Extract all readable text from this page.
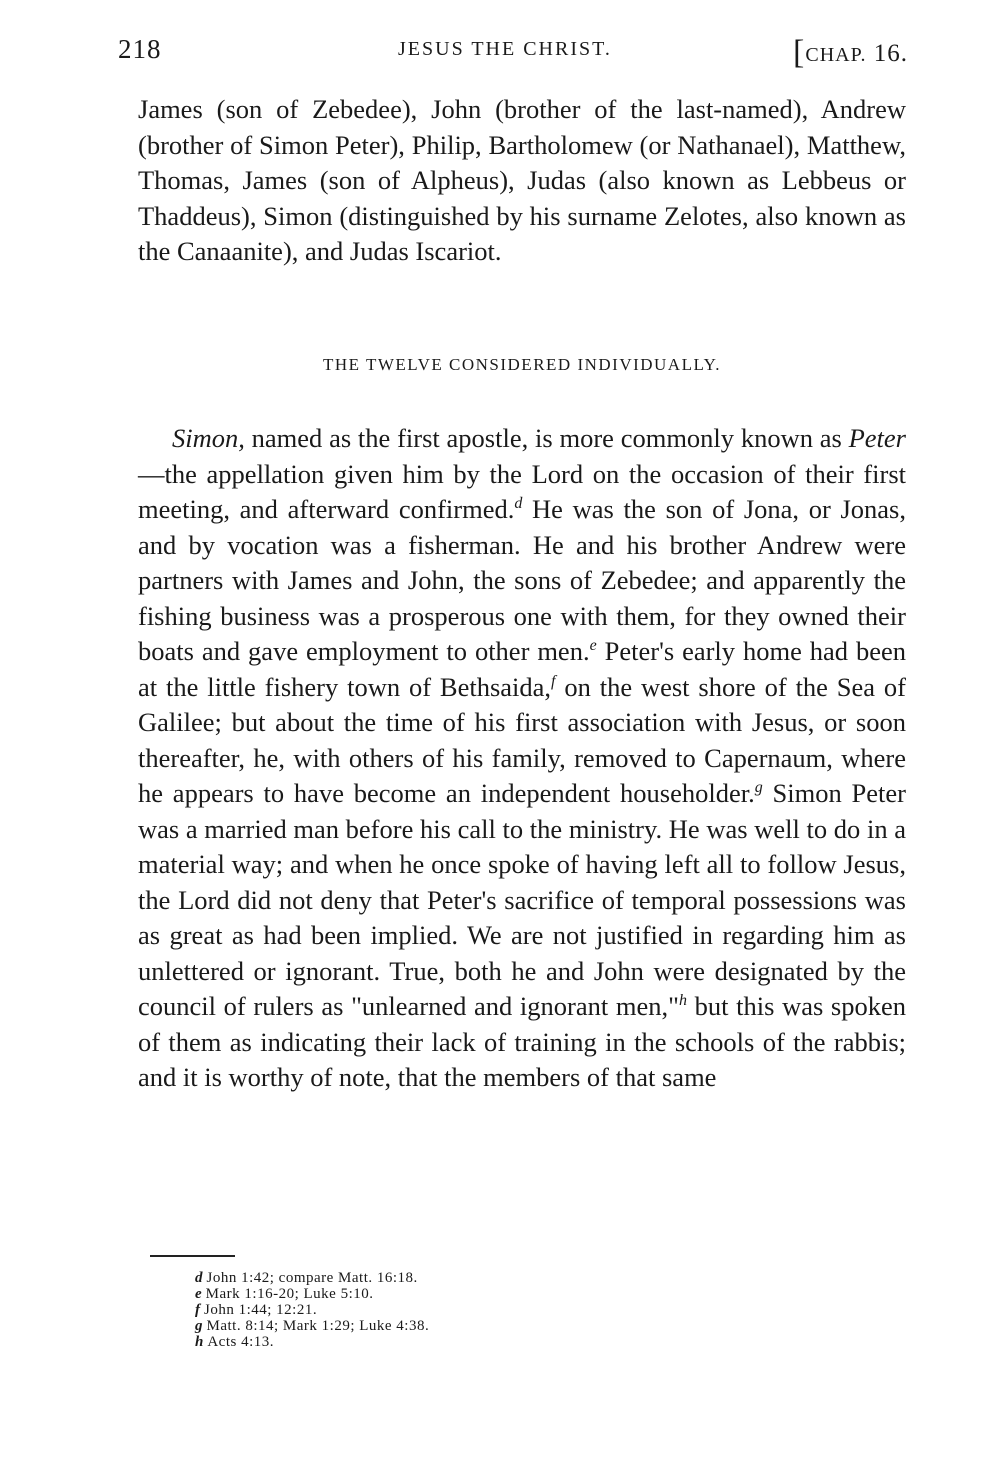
218	JESUS THE CHRIST.	[CHAP. 16.

James (son of Zebedee), John (brother of the last-named), Andrew (brother of Simon Peter), Philip, Bartholomew (or Nathanael), Matthew, Thomas, James (son of Alpheus), Judas (also known as Lebbeus or Thaddeus), Simon (distinguished by his surname Zelotes, also known as the Canaanite), and Judas Iscariot.

THE TWELVE CONSIDERED INDIVIDUALLY.

Simon, named as the first apostle, is more commonly known as Peter—the appellation given him by the Lord on the occasion of their first meeting, and afterward confirmed.$^d$ He was the son of Jona, or Jonas, and by vocation was a fisherman. He and his brother Andrew were partners with James and John, the sons of Zebedee; and apparently the fishing business was a prosperous one with them, for they owned their boats and gave employment to other men.$^e$ Peter's early home had been at the little fishery town of Bethsaida,$^f$ on the west shore of the Sea of Galilee; but about the time of his first association with Jesus, or soon thereafter, he, with others of his family, removed to Capernaum, where he appears to have become an independent householder.$^g$ Simon Peter was a married man before his call to the ministry. He was well to do in a material way; and when he once spoke of having left all to follow Jesus, the Lord did not deny that Peter's sacrifice of temporal possessions was as great as had been implied. We are not justified in regarding him as unlettered or ignorant. True, both he and John were designated by the council of rulers as "unlearned and ignorant men,"$^h$ but this was spoken of them as indicating their lack of training in the schools of the rabbis; and it is worthy of note, that the members of that same

d John 1:42; compare Matt. 16:18.
e Mark 1:16-20; Luke 5:10.
f John 1:44; 12:21.
g Matt. 8:14; Mark 1:29; Luke 4:38.
h Acts 4:13.
